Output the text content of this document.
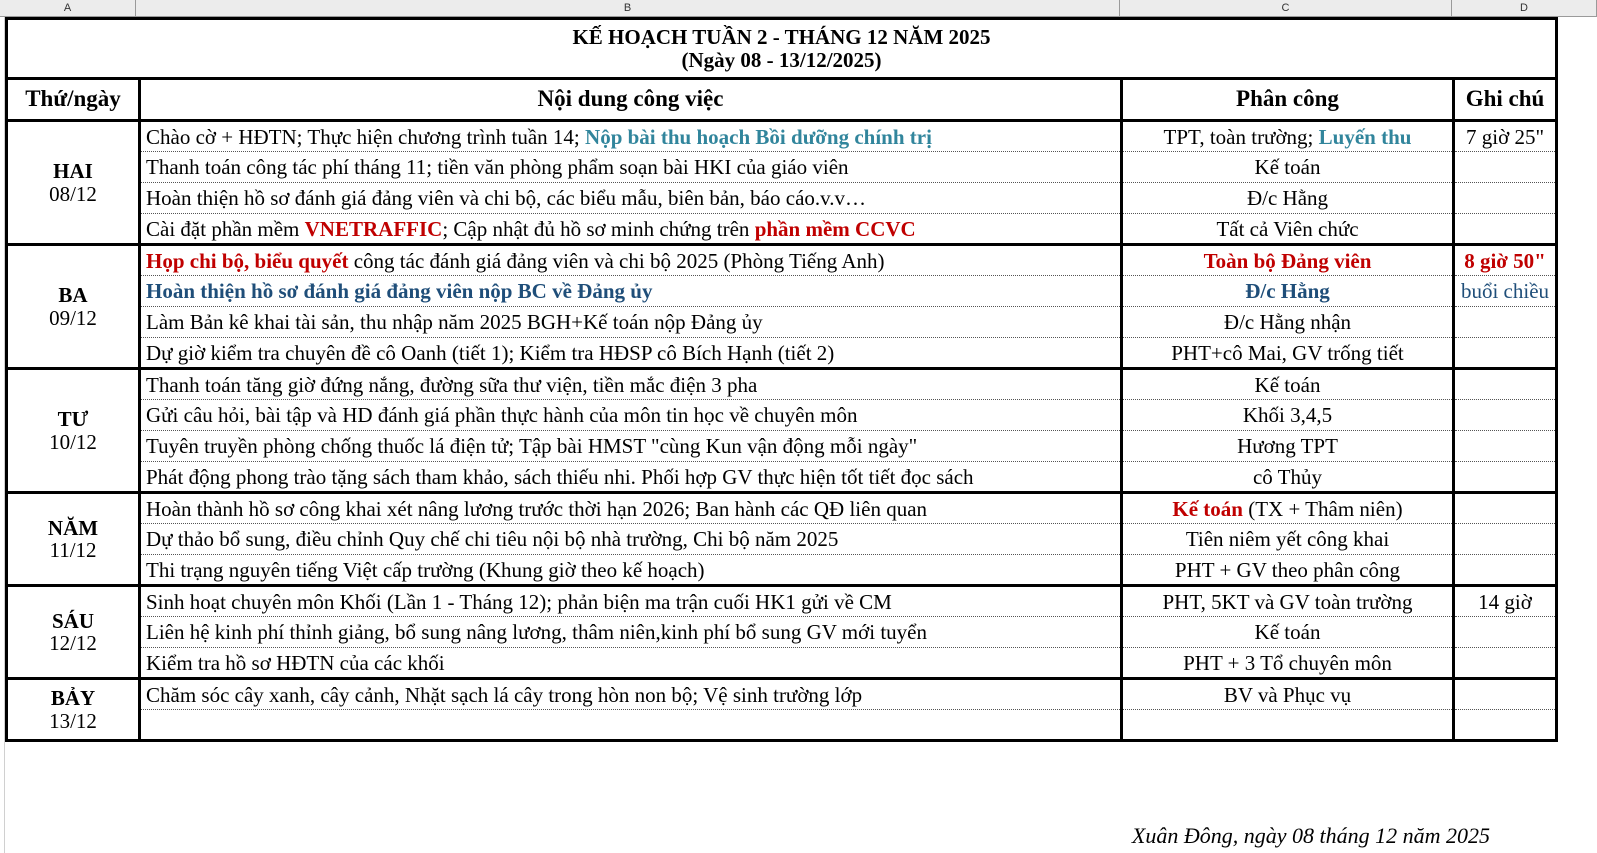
A	B	C	D
KẾ HOẠCH TUẦN 2 - THÁNG 12 NĂM 2025
(Ngày 08 - 13/12/2025)			

Thứ/ngày	Nội dung công việc	Phân công	Ghi chú

HAI
08/12	Chào cờ + HĐTN; Thực hiện chương trình tuần 14; Nộp bài thu hoạch Bồi dưỡng chính trị	TPT, toàn trường; Luyến thu	7 giờ 25"
	Thanh toán công tác phí tháng 11; tiền văn phòng phẩm soạn bài HKI của giáo viên	Kế toán	
	Hoàn thiện hồ sơ đánh giá đảng viên và chi bộ, các biểu mẫu, biên bản, báo cáo.v.v…	Đ/c Hằng	
	Cài đặt phần mềm VNETRAFFIC; Cập nhật đủ hồ sơ minh chứng trên phần mềm CCVC	Tất cả Viên chức	

BA
09/12	Họp chi bộ, biểu quyết công tác đánh giá đảng viên và chi bộ 2025 (Phòng Tiếng Anh)	Toàn bộ Đảng viên	8 giờ 50"
	Hoàn thiện hồ sơ đánh giá đảng viên nộp BC về Đảng ủy	Đ/c Hằng	buổi chiều
	Làm Bản kê khai tài sản, thu nhập năm 2025 BGH+Kế toán nộp Đảng ủy	Đ/c Hằng nhận	
	Dự giờ kiểm tra chuyên đề cô Oanh (tiết 1); Kiểm tra HĐSP cô Bích Hạnh (tiết 2)	PHT+cô Mai, GV trống tiết	

TƯ
10/12	Thanh toán tăng giờ đứng nắng, đường sữa thư viện, tiền mắc điện 3 pha	Kế toán	
	Gửi câu hỏi, bài tập và HD đánh giá phần thực hành của môn tin học về chuyên môn	Khối 3,4,5	
	Tuyên truyền phòng chống thuốc lá điện tử; Tập bài HMST "cùng Kun vận động mỗi ngày"	Hương TPT	
	Phát động phong trào tặng sách tham khảo, sách thiếu nhi. Phối hợp GV thực hiện tốt tiết đọc sách	cô Thủy	

NĂM
11/12	Hoàn thành hồ sơ công khai xét nâng lương trước thời hạn 2026; Ban hành các QĐ liên quan	Kế toán (TX + Thâm niên)	
	Dự thảo bổ sung, điều chỉnh Quy chế chi tiêu nội bộ nhà trường, Chi bộ năm 2025	Tiên niêm yết công khai	
	Thi trạng nguyên tiếng Việt cấp trường (Khung giờ theo kế hoạch)	PHT + GV theo phân công	

SÁU
12/12	Sinh hoạt chuyên môn Khối (Lần 1 - Tháng 12); phản biện ma trận cuối HK1 gửi về CM	PHT, 5KT và GV toàn trường	14 giờ
	Liên hệ kinh phí thỉnh giảng, bổ sung nâng lương, thâm niên,kinh phí bổ sung GV mới tuyển	Kế toán	
	Kiểm tra hồ sơ HĐTN của các khối	PHT + 3 Tổ chuyên môn	

BẢY
13/12	Chăm sóc cây xanh, cây cảnh, Nhặt sạch lá cây trong hòn non bộ; Vệ sinh trường lớp	BV và Phục vụ	

Xuân Đông, ngày 08 tháng 12 năm 2025
